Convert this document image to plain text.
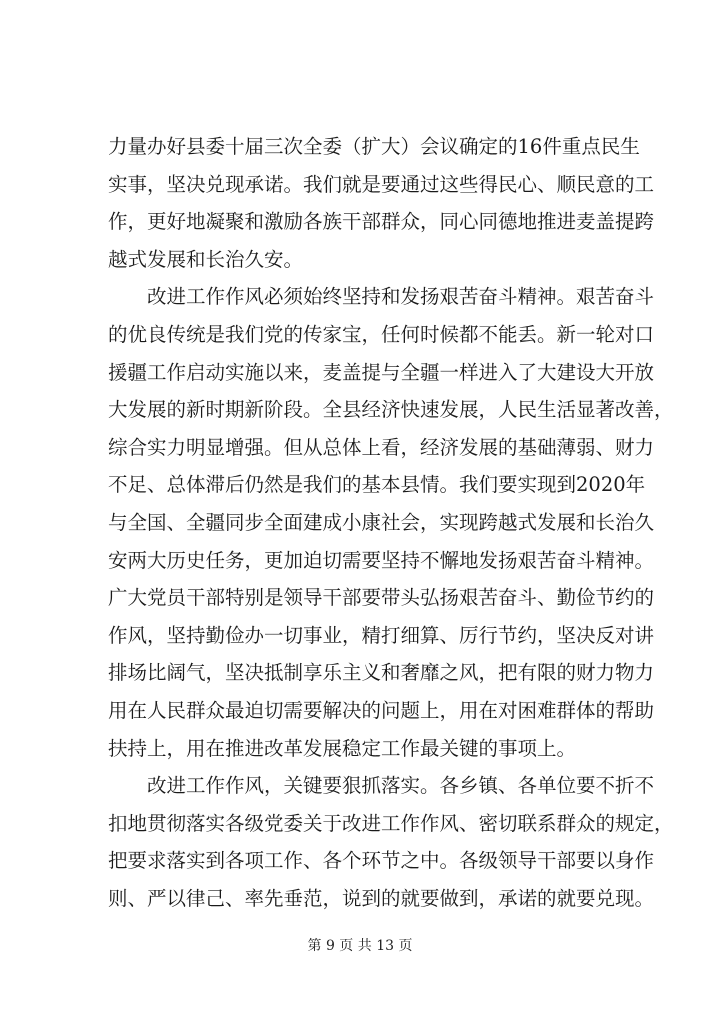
力量办好县委十届三次全委（扩大）会议确定的16件重点民生
实事，坚决兑现承诺。我们就是要通过这些得民心、顺民意的工
作，更好地凝聚和激励各族干部群众，同心同德地推进麦盖提跨
越式发展和长治久安。
改进工作作风必须始终坚持和发扬艰苦奋斗精神。艰苦奋斗
的优良传统是我们党的传家宝，任何时候都不能丢。新一轮对口
援疆工作启动实施以来，麦盖提与全疆一样进入了大建设大开放
大发展的新时期新阶段。全县经济快速发展，人民生活显著改善，
综合实力明显增强。但从总体上看，经济发展的基础薄弱、财力
不足、总体滞后仍然是我们的基本县情。我们要实现到2020年
与全国、全疆同步全面建成小康社会，实现跨越式发展和长治久
安两大历史任务，更加迫切需要坚持不懈地发扬艰苦奋斗精神。
广大党员干部特别是领导干部要带头弘扬艰苦奋斗、勤俭节约的
作风，坚持勤俭办一切事业，精打细算、厉行节约，坚决反对讲
排场比阔气，坚决抵制享乐主义和奢靡之风，把有限的财力物力
用在人民群众最迫切需要解决的问题上，用在对困难群体的帮助
扶持上，用在推进改革发展稳定工作最关键的事项上。
改进工作作风，关键要狠抓落实。各乡镇、各单位要不折不
扣地贯彻落实各级党委关于改进工作作风、密切联系群众的规定，
把要求落实到各项工作、各个环节之中。各级领导干部要以身作
则、严以律己、率先垂范，说到的就要做到，承诺的就要兑现。
第 9 页 共 13 页
